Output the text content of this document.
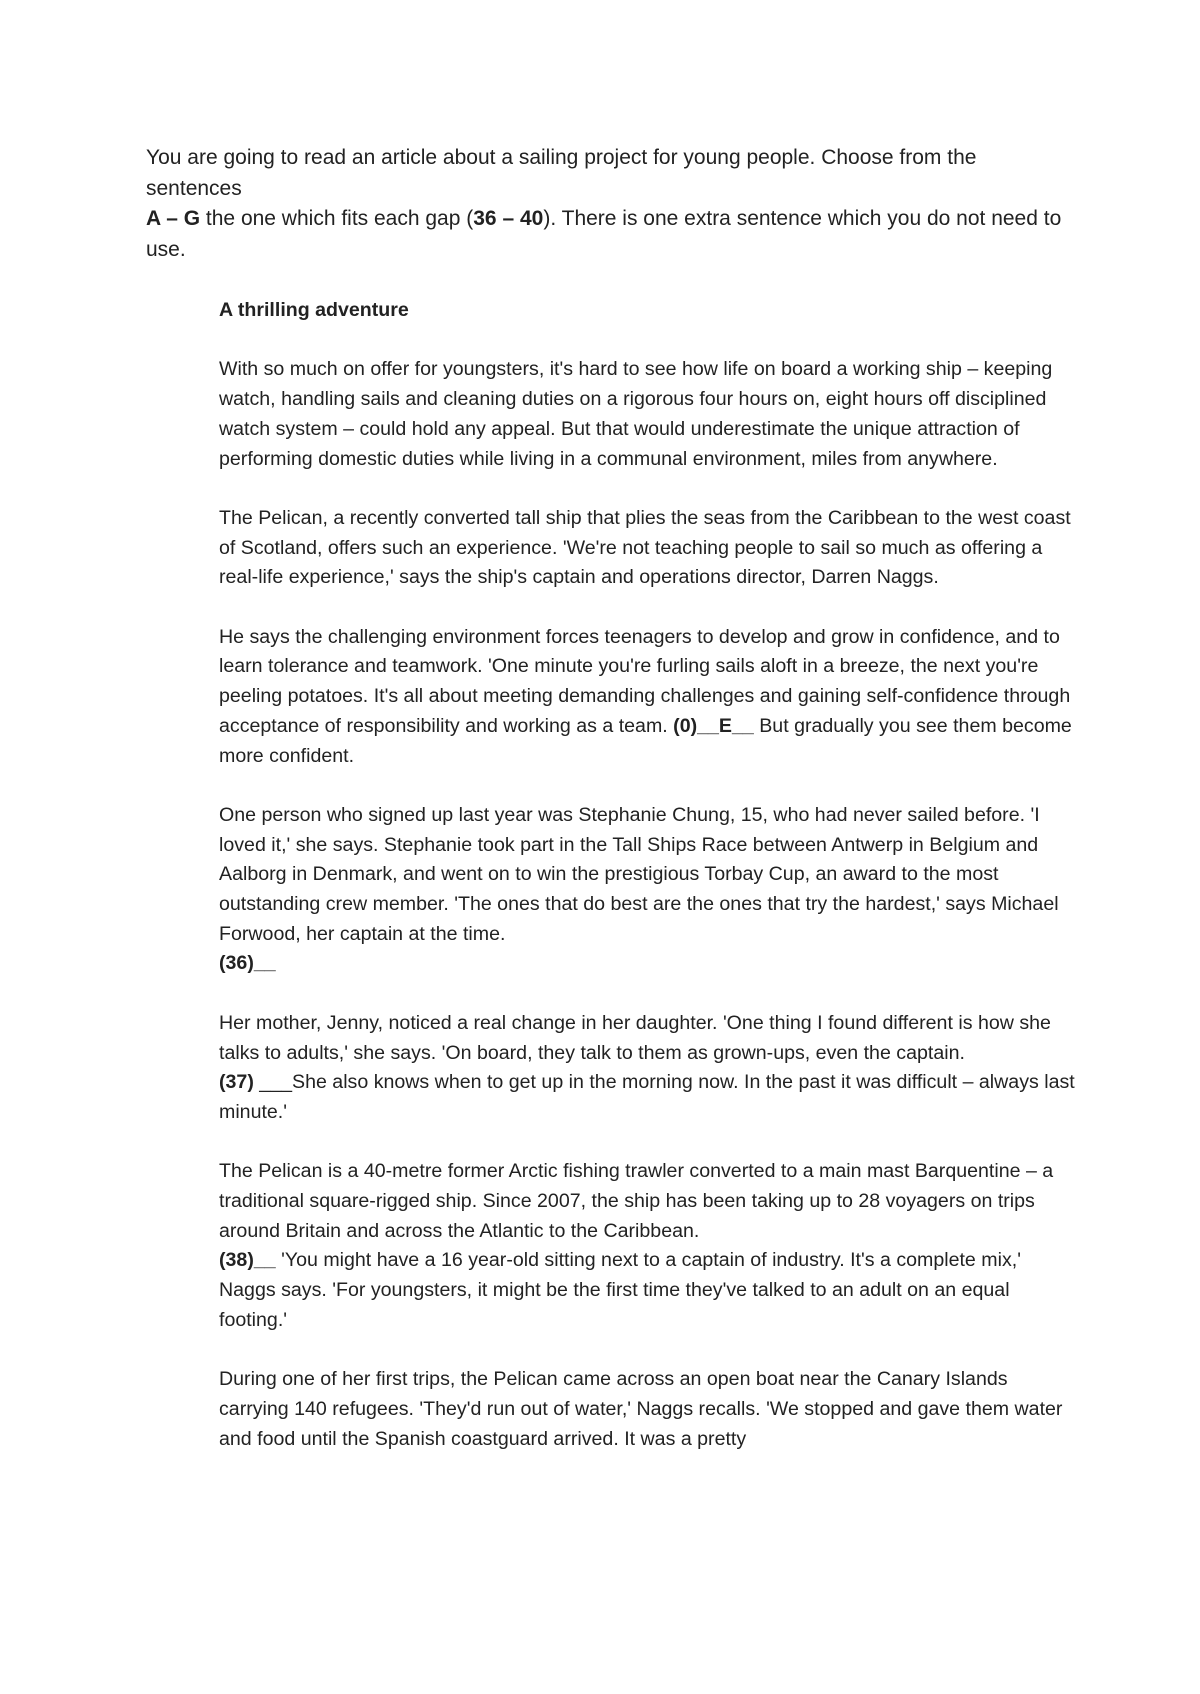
You are going to read an article about a sailing project for young people. Choose from the sentences
A – G the one which fits each gap (36 – 40). There is one extra sentence which you do not need to use.
A thrilling adventure
With so much on offer for youngsters, it's hard to see how life on board a working ship – keeping watch, handling sails and cleaning duties on a rigorous four hours on, eight hours off disciplined watch system – could hold any appeal. But that would underestimate the unique attraction of performing domestic duties while living in a communal environment, miles from anywhere.
The Pelican, a recently converted tall ship that plies the seas from the Caribbean to the west coast of Scotland, offers such an experience. 'We're not teaching people to sail so much as offering a real-life experience,' says the ship's captain and operations director, Darren Naggs.
He says the challenging environment forces teenagers to develop and grow in confidence, and to learn tolerance and teamwork. 'One minute you're furling sails aloft in a breeze, the next you're peeling potatoes. It's all about meeting demanding challenges and gaining self-confidence through acceptance of responsibility and working as a team. (0)__E__ But gradually you see them become more confident.
One person who signed up last year was Stephanie Chung, 15, who had never sailed before. 'I loved it,' she says. Stephanie took part in the Tall Ships Race between Antwerp in Belgium and Aalborg in Denmark, and went on to win the prestigious Torbay Cup, an award to the most outstanding crew member. 'The ones that do best are the ones that try the hardest,' says Michael Forwood, her captain at the time.
(36)__
Her mother, Jenny, noticed a real change in her daughter. 'One thing I found different is how she talks to adults,' she says. 'On board, they talk to them as grown-ups, even the captain.
(37) ___She also knows when to get up in the morning now. In the past it was difficult – always last minute.'
The Pelican is a 40-metre former Arctic fishing trawler converted to a main mast Barquentine – a traditional square-rigged ship. Since 2007, the ship has been taking up to 28 voyagers on trips around Britain and across the Atlantic to the Caribbean.
(38)__ 'You might have a 16 year-old sitting next to a captain of industry. It's a complete mix,' Naggs says. 'For youngsters, it might be the first time they've talked to an adult on an equal footing.'
During one of her first trips, the Pelican came across an open boat near the Canary Islands carrying 140 refugees. 'They'd run out of water,' Naggs recalls. 'We stopped and gave them water and food until the Spanish coastguard arrived. It was a pretty
